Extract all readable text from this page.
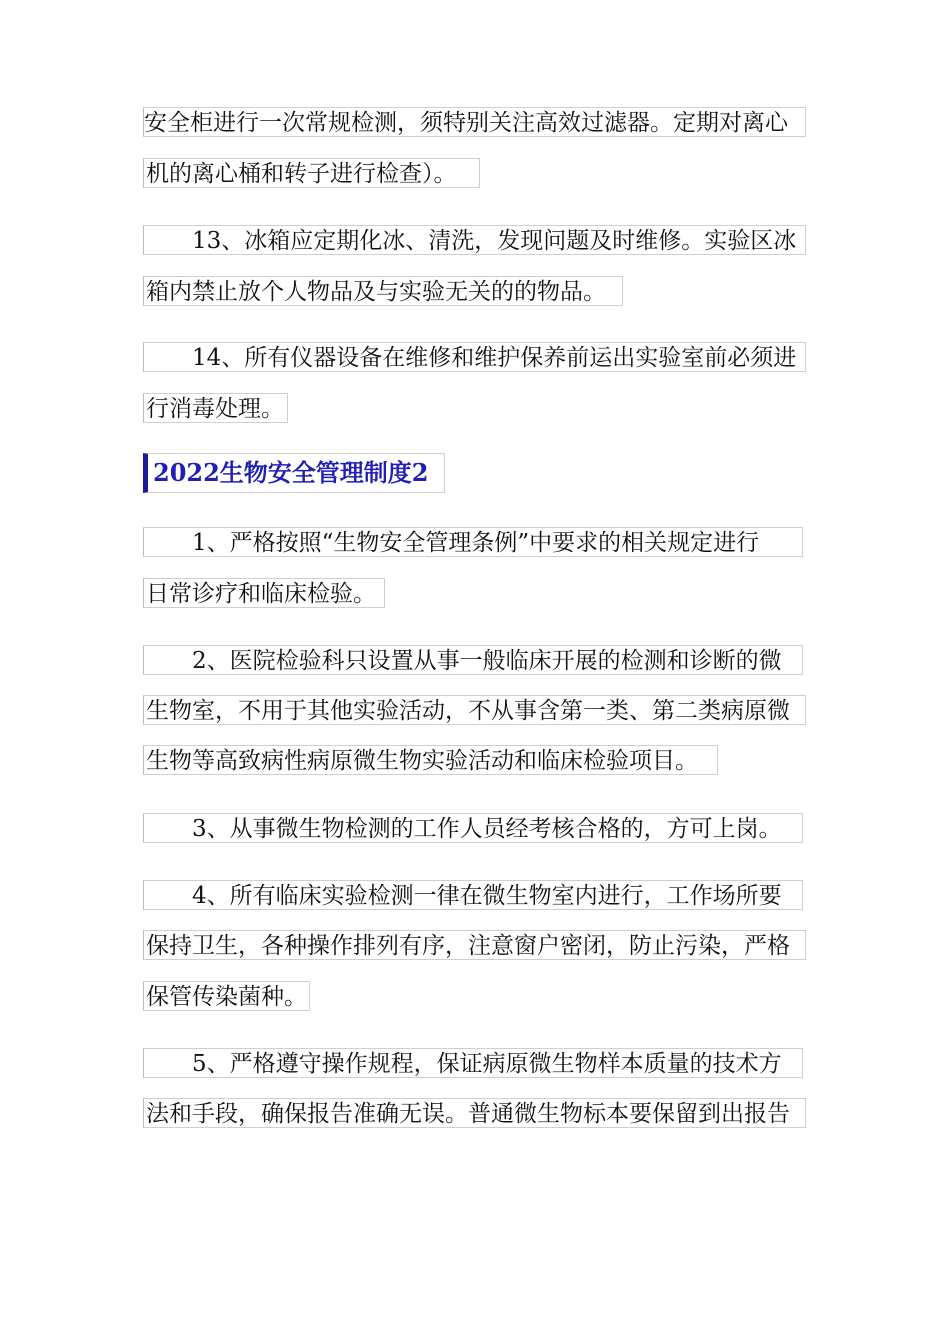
安全柜进行一次常规检测，须特别关注高效过滤器。定期对离心
机的离心桶和转子进行检查）。
13、冰箱应定期化冰、清洗，发现问题及时维修。实验区冰
箱内禁止放个人物品及与实验无关的的物品。
14、所有仪器设备在维修和维护保养前运出实验室前必须进
行消毒处理。
2022生物安全管理制度2
1、严格按照“生物安全管理条例”中要求的相关规定进行
日常诊疗和临床检验。
2、医院检验科只设置从事一般临床开展的检测和诊断的微
生物室，不用于其他实验活动，不从事含第一类、第二类病原微
生物等高致病性病原微生物实验活动和临床检验项目。
3、从事微生物检测的工作人员经考核合格的，方可上岗。
4、所有临床实验检测一律在微生物室内进行，工作场所要
保持卫生，各种操作排列有序，注意窗户密闭，防止污染，严格
保管传染菌种。
5、严格遵守操作规程，保证病原微生物样本质量的技术方
法和手段，确保报告准确无误。普通微生物标本要保留到出报告
